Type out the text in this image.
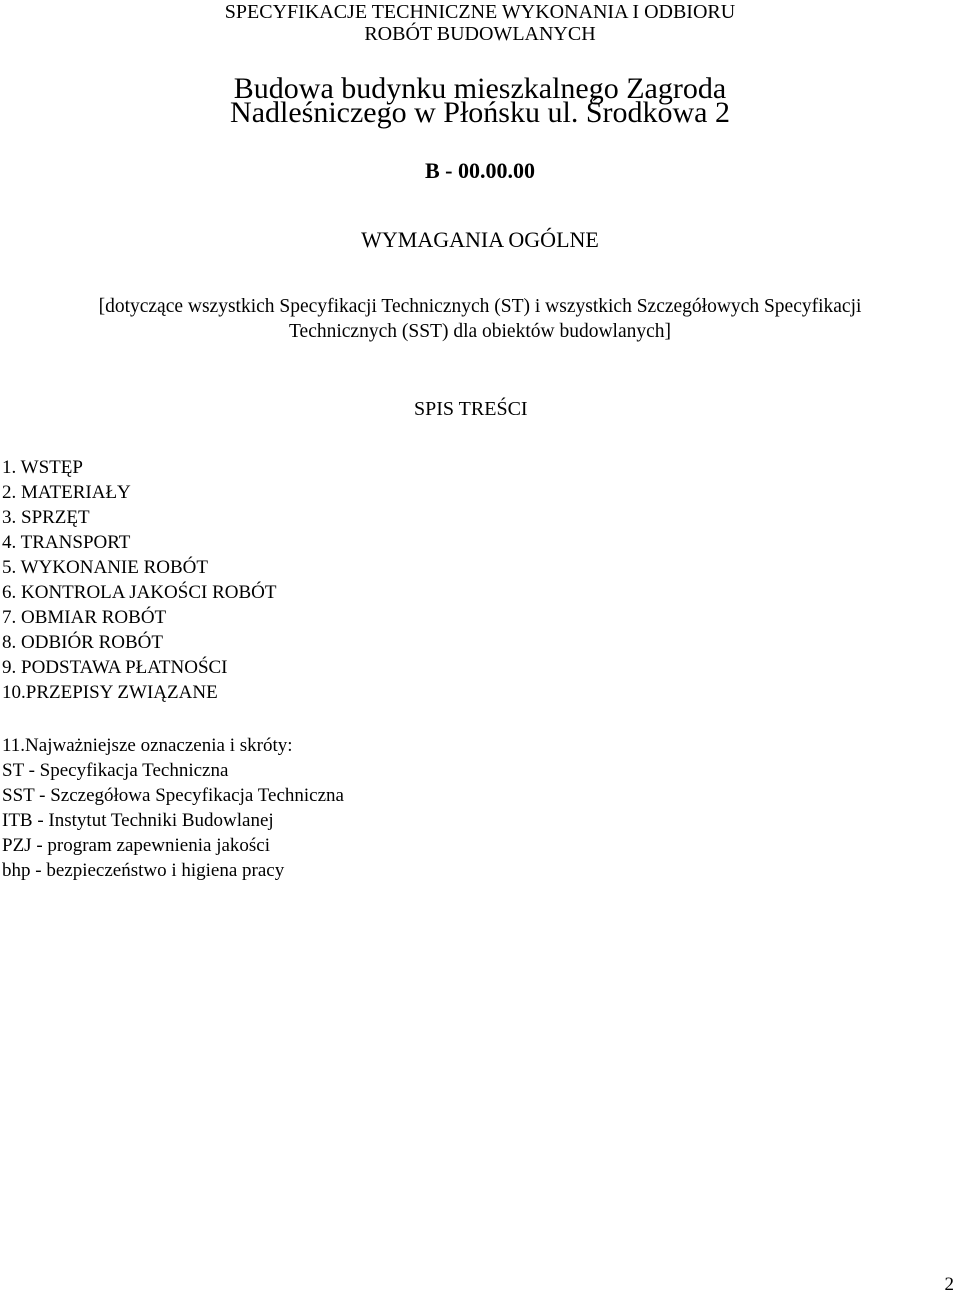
SPECYFIKACJE TECHNICZNE WYKONANIA I ODBIORU
ROBÓT BUDOWLANYCH
Budowa budynku mieszkalnego Zagroda
Nadleśniczego w Płońsku ul. Środkowa 2
B - 00.00.00
WYMAGANIA OGÓLNE
[dotyczące wszystkich Specyfikacji Technicznych (ST) i wszystkich Szczegółowych Specyfikacji
Technicznych (SST) dla obiektów budowlanych]
SPIS TREŚCI
1. WSTĘP
2. MATERIAŁY
3. SPRZĘT
4. TRANSPORT
5. WYKONANIE ROBÓT
6. KONTROLA JAKOŚCI ROBÓT
7. OBMIAR ROBÓT
8. ODBIÓR ROBÓT
9. PODSTAWA PŁATNOŚCI
10.PRZEPISY ZWIĄZANE
11.Najważniejsze oznaczenia i skróty:
ST - Specyfikacja Techniczna
SST - Szczegółowa Specyfikacja Techniczna
ITB - Instytut Techniki Budowlanej
PZJ - program zapewnienia jakości
bhp - bezpieczeństwo i higiena pracy
2
